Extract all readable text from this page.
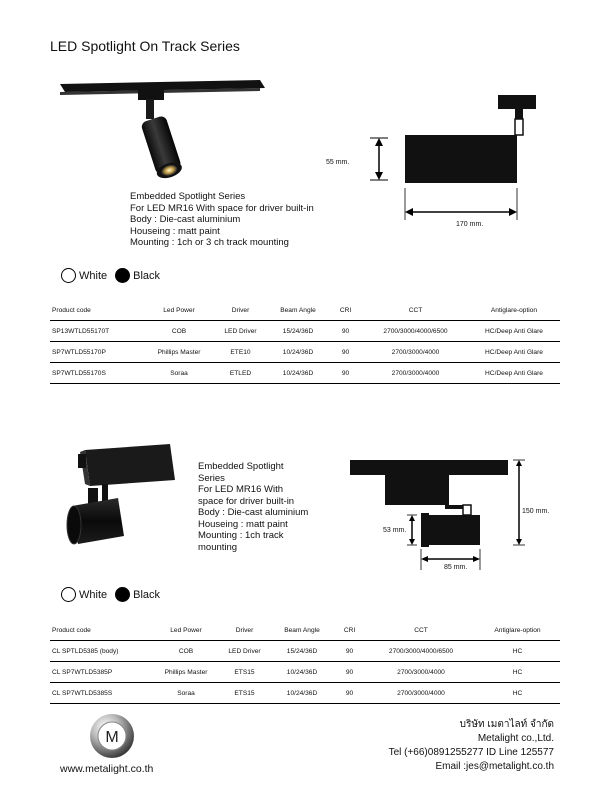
LED Spotlight On Track Series
Embedded Spotlight Series
For LED MR16 With space for driver built-in
Body : Die-cast aluminium
Houseing : matt paint
Mounting : 1ch or 3 ch track mounting
55 mm.
170 mm.
White Black
Product code	Led Power	Driver	Beam Angle	CRI	CCT	Antiglare-option
SP13WTLD55170T	COB	LED Driver	15/24/36D	90	2700/3000/4000/6500	HC/Deep Anti Glare
SP7WTLD55170P	Phillips Master	ETE10	10/24/36D	90	2700/3000/4000	HC/Deep Anti Glare
SP7WTLD55170S	Soraa	ETLED	10/24/36D	90	2700/3000/4000	HC/Deep Anti Glare
Embedded Spotlight
Series
For LED MR16 With
space for driver built-in
Body : Die-cast aluminium
Houseing : matt paint
Mounting : 1ch track
mounting
150 mm.
53 mm.
85 mm.
White Black
Product code	Led Power	Driver	Beam Angle	CRI	CCT	Antiglare-option
CL SPTLD5385 (body)	COB	LED Driver	15/24/36D	90	2700/3000/4000/6500	HC
CL SP7WTLD5385P	Phillips Master	ETS15	10/24/36D	90	2700/3000/4000	HC
CL SP7WTLD5385S	Soraa	ETS15	10/24/36D	90	2700/3000/4000	HC
M
www.metalight.co.th
บริษัท เมตาไลท์ จำกัด
Metalight co.,Ltd.
Tel (+66)0891255277 ID Line 125577
Email :jes@metalight.co.th
